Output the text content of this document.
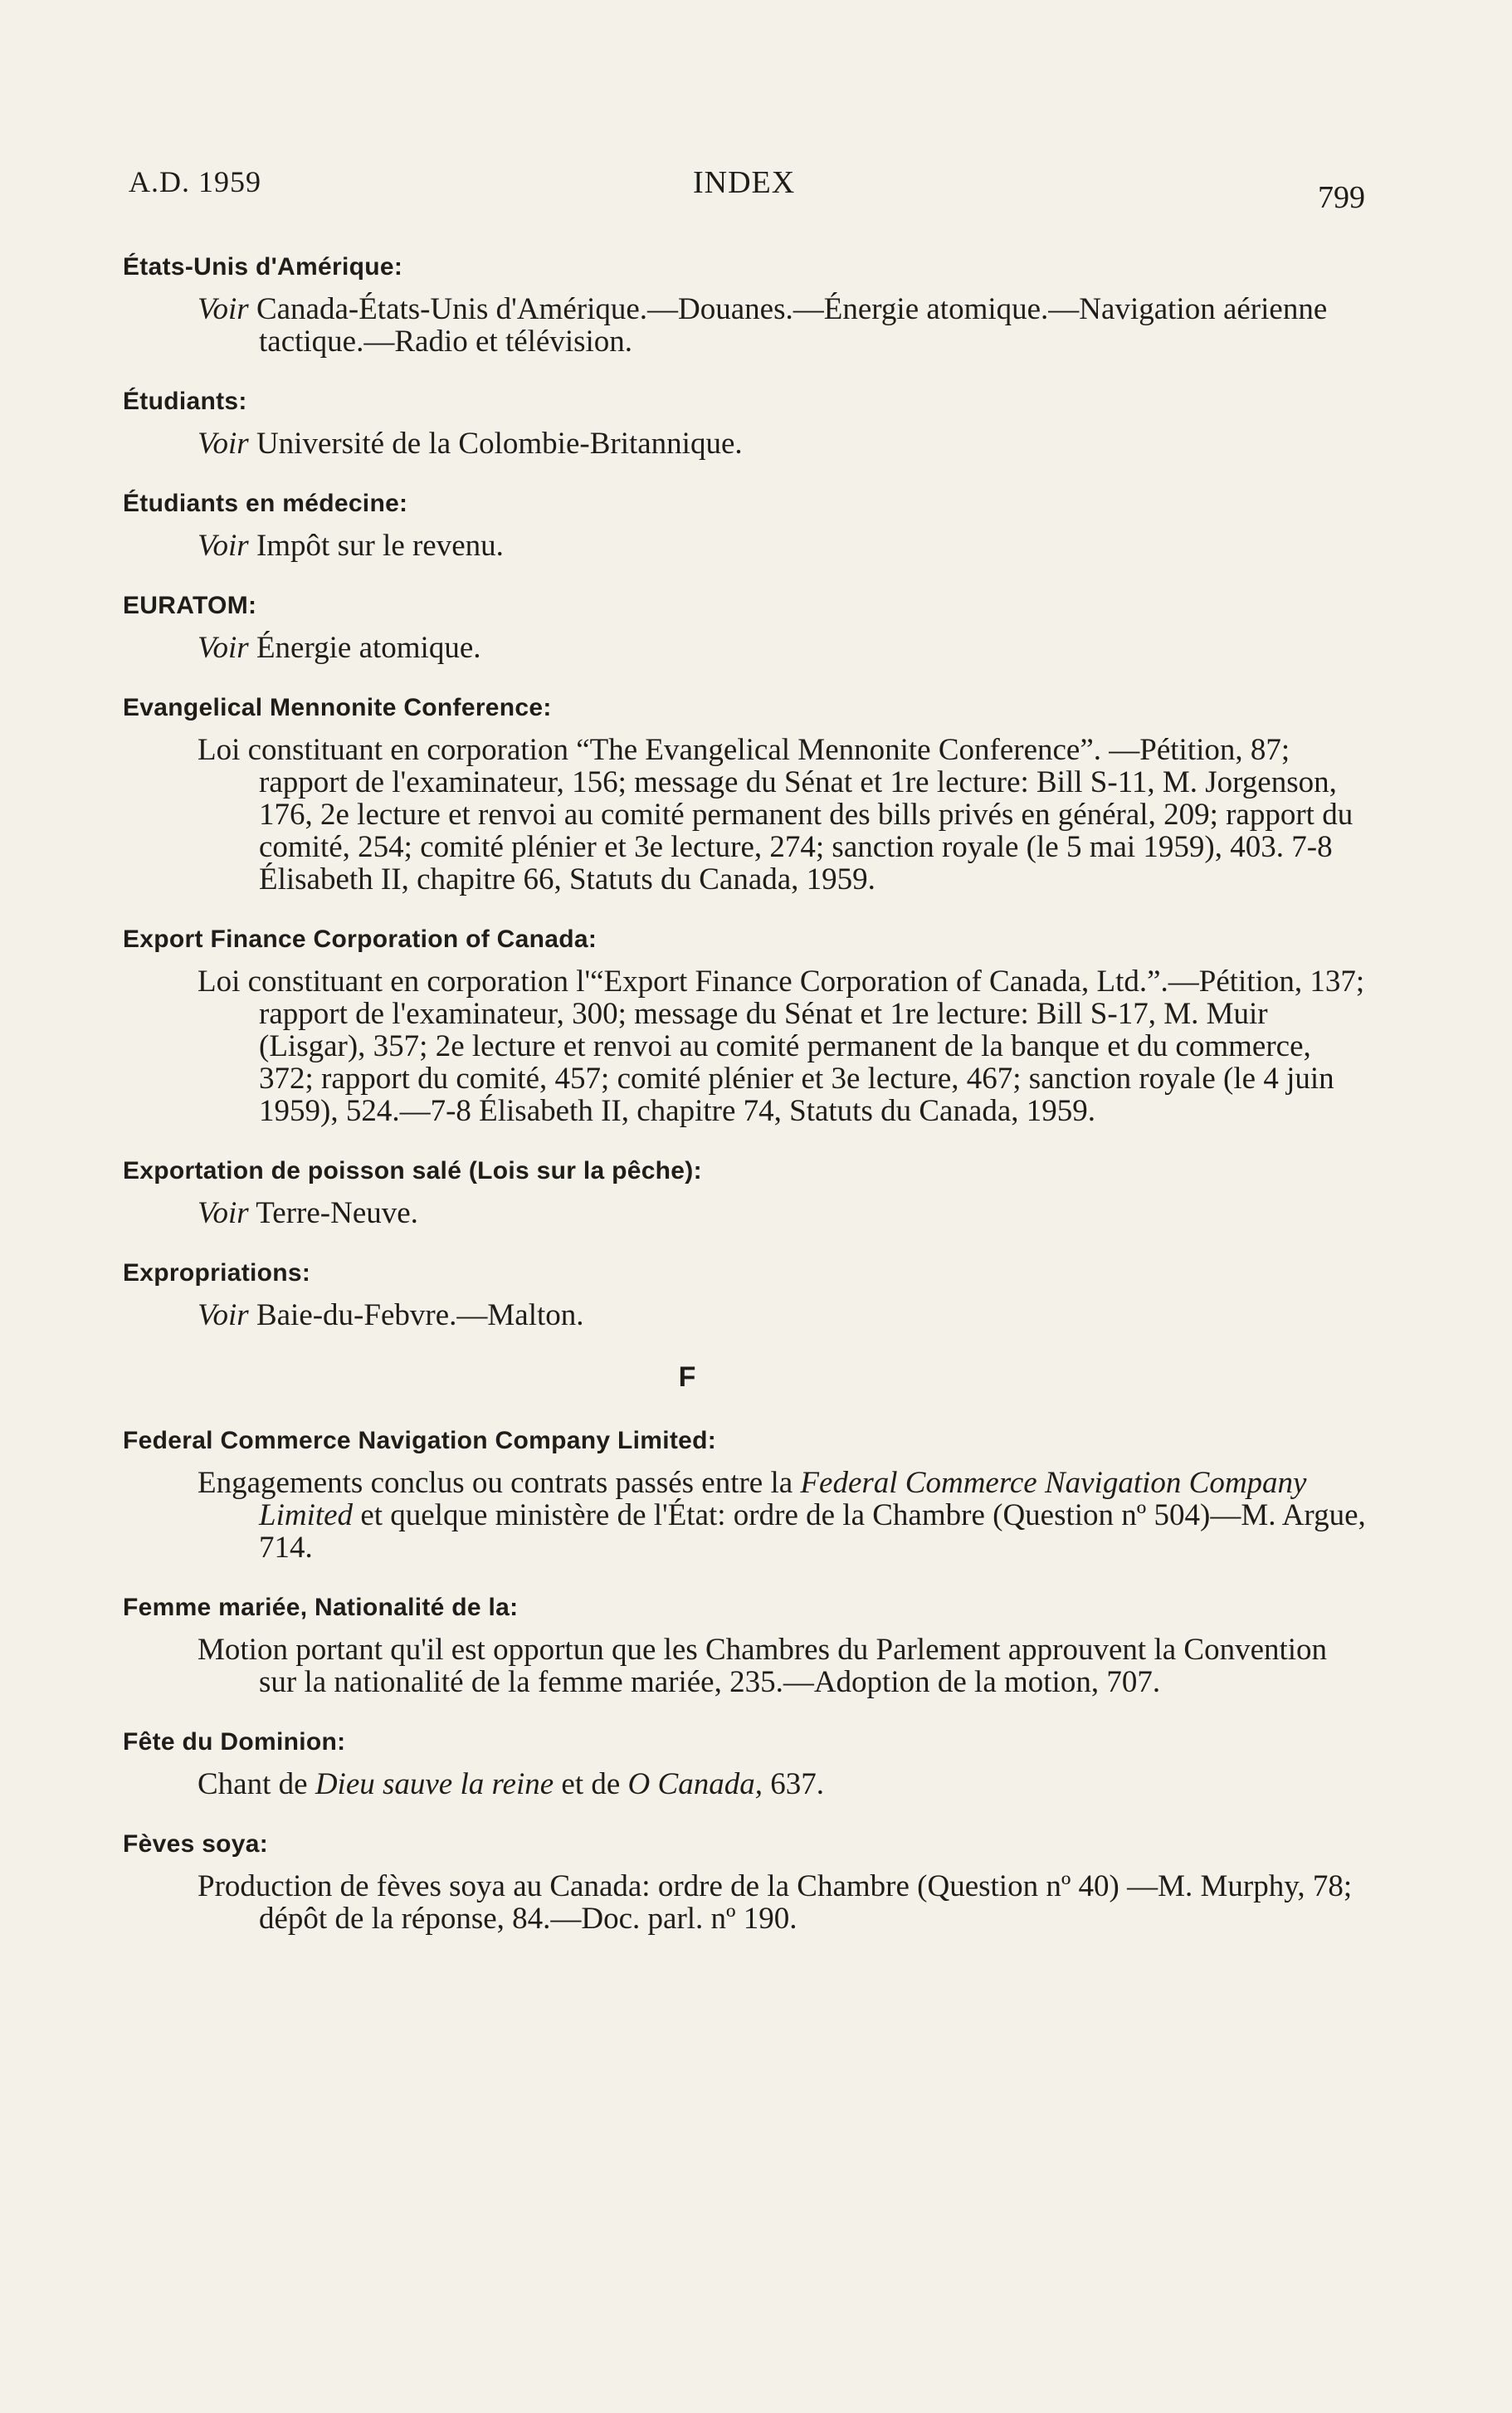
A.D. 1959	INDEX	799
États-Unis d'Amérique:
Voir Canada-États-Unis d'Amérique.—Douanes.—Énergie atomique.—Navigation aérienne tactique.—Radio et télévision.
Étudiants:
Voir Université de la Colombie-Britannique.
Étudiants en médecine:
Voir Impôt sur le revenu.
EURATOM:
Voir Énergie atomique.
Evangelical Mennonite Conference:
Loi constituant en corporation “The Evangelical Mennonite Conference”. —Pétition, 87; rapport de l'examinateur, 156; message du Sénat et 1re lecture: Bill S-11, M. Jorgenson, 176, 2e lecture et renvoi au comité permanent des bills privés en général, 209; rapport du comité, 254; comité plénier et 3e lecture, 274; sanction royale (le 5 mai 1959), 403. 7-8 Élisabeth II, chapitre 66, Statuts du Canada, 1959.
Export Finance Corporation of Canada:
Loi constituant en corporation l'“Export Finance Corporation of Canada, Ltd.”.—Pétition, 137; rapport de l'examinateur, 300; message du Sénat et 1re lecture: Bill S-17, M. Muir (Lisgar), 357; 2e lecture et renvoi au comité permanent de la banque et du commerce, 372; rapport du comité, 457; comité plénier et 3e lecture, 467; sanction royale (le 4 juin 1959), 524.—7-8 Élisabeth II, chapitre 74, Statuts du Canada, 1959.
Exportation de poisson salé (Lois sur la pêche):
Voir Terre-Neuve.
Expropriations:
Voir Baie-du-Febvre.—Malton.
F
Federal Commerce Navigation Company Limited:
Engagements conclus ou contrats passés entre la Federal Commerce Navigation Company Limited et quelque ministère de l'État: ordre de la Chambre (Question nº 504)—M. Argue, 714.
Femme mariée, Nationalité de la:
Motion portant qu'il est opportun que les Chambres du Parlement approuvent la Convention sur la nationalité de la femme mariée, 235.—Adoption de la motion, 707.
Fête du Dominion:
Chant de Dieu sauve la reine et de O Canada, 637.
Fèves soya:
Production de fèves soya au Canada: ordre de la Chambre (Question nº 40) —M. Murphy, 78; dépôt de la réponse, 84.—Doc. parl. nº 190.
